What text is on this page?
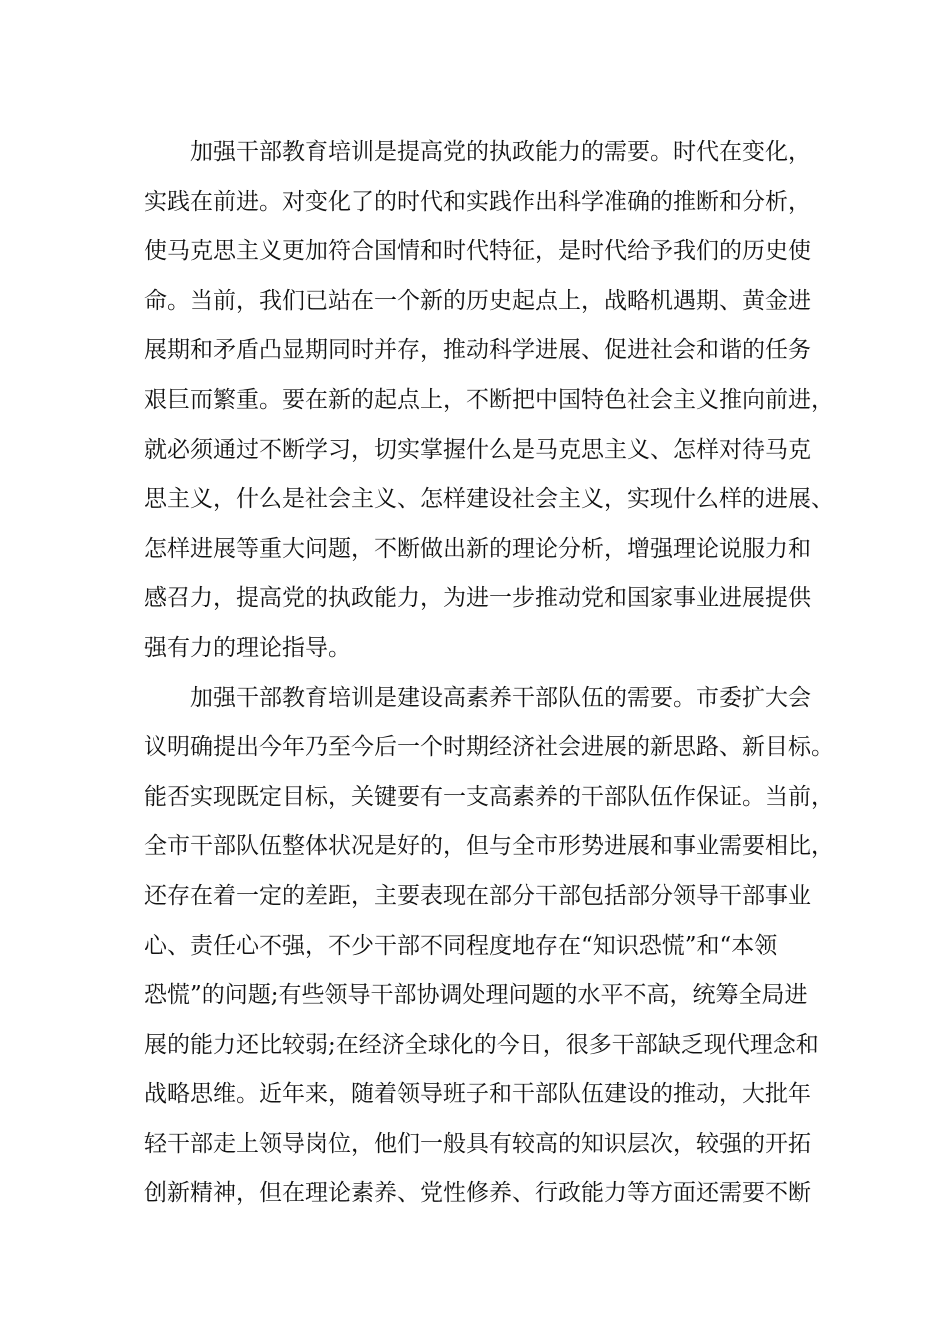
加强干部教育培训是提高党的执政能力的需要。时代在变化，
实践在前进。对变化了的时代和实践作出科学准确的推断和分析，
使马克思主义更加符合国情和时代特征，是时代给予我们的历史使
命。当前，我们已站在一个新的历史起点上，战略机遇期、黄金进
展期和矛盾凸显期同时并存，推动科学进展、促进社会和谐的任务
艰巨而繁重。要在新的起点上，不断把中国特色社会主义推向前进，
就必须通过不断学习，切实掌握什么是马克思主义、怎样对待马克
思主义，什么是社会主义、怎样建设社会主义，实现什么样的进展、
怎样进展等重大问题，不断做出新的理论分析，增强理论说服力和
感召力，提高党的执政能力，为进一步推动党和国家事业进展提供
强有力的理论指导。
加强干部教育培训是建设高素养干部队伍的需要。市委扩大会
议明确提出今年乃至今后一个时期经济社会进展的新思路、新目标。
能否实现既定目标，关键要有一支高素养的干部队伍作保证。当前，
全市干部队伍整体状况是好的，但与全市形势进展和事业需要相比，
还存在着一定的差距，主要表现在部分干部包括部分领导干部事业
心、责任心不强，不少干部不同程度地存在“知识恐慌”和“本领
恐慌”的问题;有些领导干部协调处理问题的水平不高，统筹全局进
展的能力还比较弱;在经济全球化的今日，很多干部缺乏现代理念和
战略思维。近年来，随着领导班子和干部队伍建设的推动，大批年
轻干部走上领导岗位，他们一般具有较高的知识层次，较强的开拓
创新精神，但在理论素养、党性修养、行政能力等方面还需要不断
